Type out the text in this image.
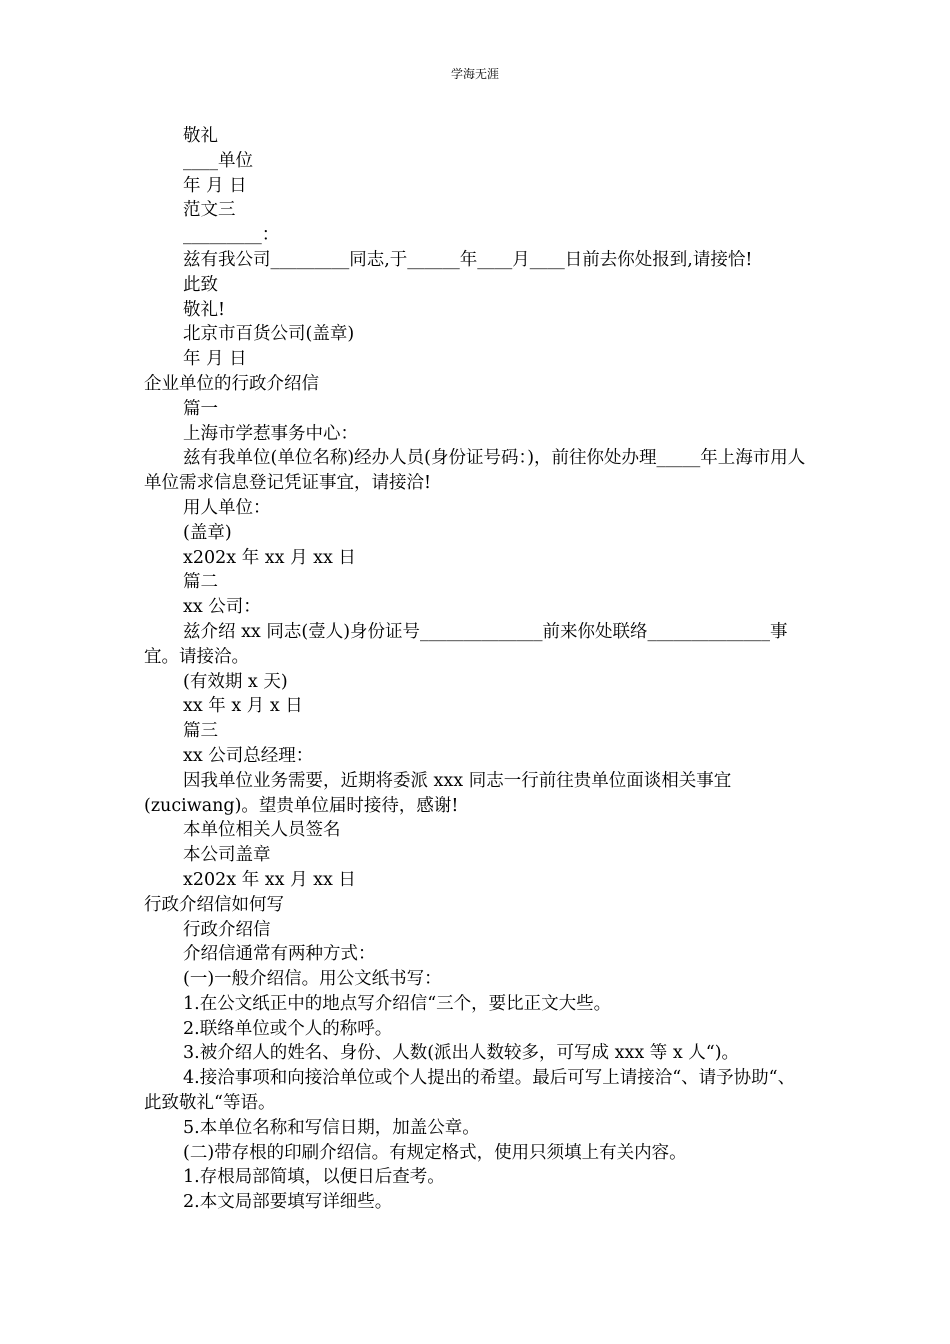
学海无涯
敬礼
____单位
年 月 日
范文三
_________：
兹有我公司_________同志,于______年____月____日前去你处报到,请接恰!
此致
敬礼!
北京市百货公司(盖章)
年 月 日
企业单位的行政介绍信
篇一
上海市学惹事务中心：
兹有我单位(单位名称)经办人员(身份证号码：)，前往你处办理_____年上海市用人单位需求信息登记凭证事宜，请接洽!
用人单位：
(盖章)
x202x 年 xx 月 xx 日
篇二
xx 公司：
兹介绍 xx 同志(壹人)身份证号______________前来你处联络______________事宜。请接洽。
(有效期 x 天)
xx 年 x 月 x 日
篇三
xx 公司总经理：
因我单位业务需要，近期将委派 xxx 同志一行前往贵单位面谈相关事宜(zuciwang)。望贵单位届时接待，感谢!
本单位相关人员签名
本公司盖章
x202x 年 xx 月 xx 日
行政介绍信如何写
行政介绍信
介绍信通常有两种方式：
(一)一般介绍信。用公文纸书写：
1.在公文纸正中的地点写介绍信“三个，要比正文大些。
2.联络单位或个人的称呼。
3.被介绍人的姓名、身份、人数(派出人数较多，可写成 xxx 等 x 人“)。
4.接洽事项和向接洽单位或个人提出的希望。最后可写上请接洽“、请予协助“、此致敬礼“等语。
5.本单位名称和写信日期，加盖公章。
(二)带存根的印刷介绍信。有规定格式，使用只须填上有关内容。
1.存根局部简填，以便日后查考。
2.本文局部要填写详细些。
